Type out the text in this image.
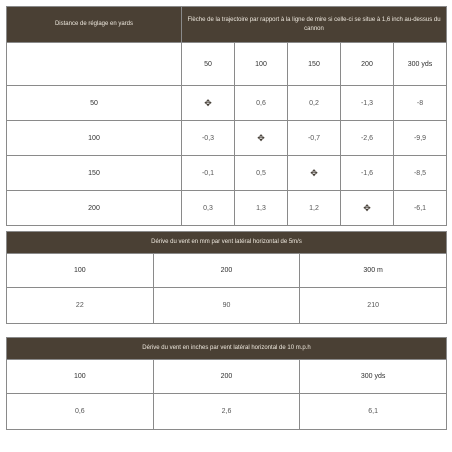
Distance de réglage en yards	Flèche de la trajectoire par rapport à la ligne de mire si celle-ci se situe à 1,6 inch au-dessus du cannon				
	50	100	150	200	300 yds
50	✥	0,6	0,2	-1,3	-8
100	-0,3	✥	-0,7	-2,6	-9,9
150	-0,1	0,5	✥	-1,6	-8,5
200	0,3	1,3	1,2	✥	-6,1
Dérive du vent en mm par vent latéral horizontal de 5m/s		
100	200	300 m
22	90	210
Dérive du vent en inches par vent latéral horizontal de 10 m.p.h		
100	200	300 yds
0,6	2,6	6,1
